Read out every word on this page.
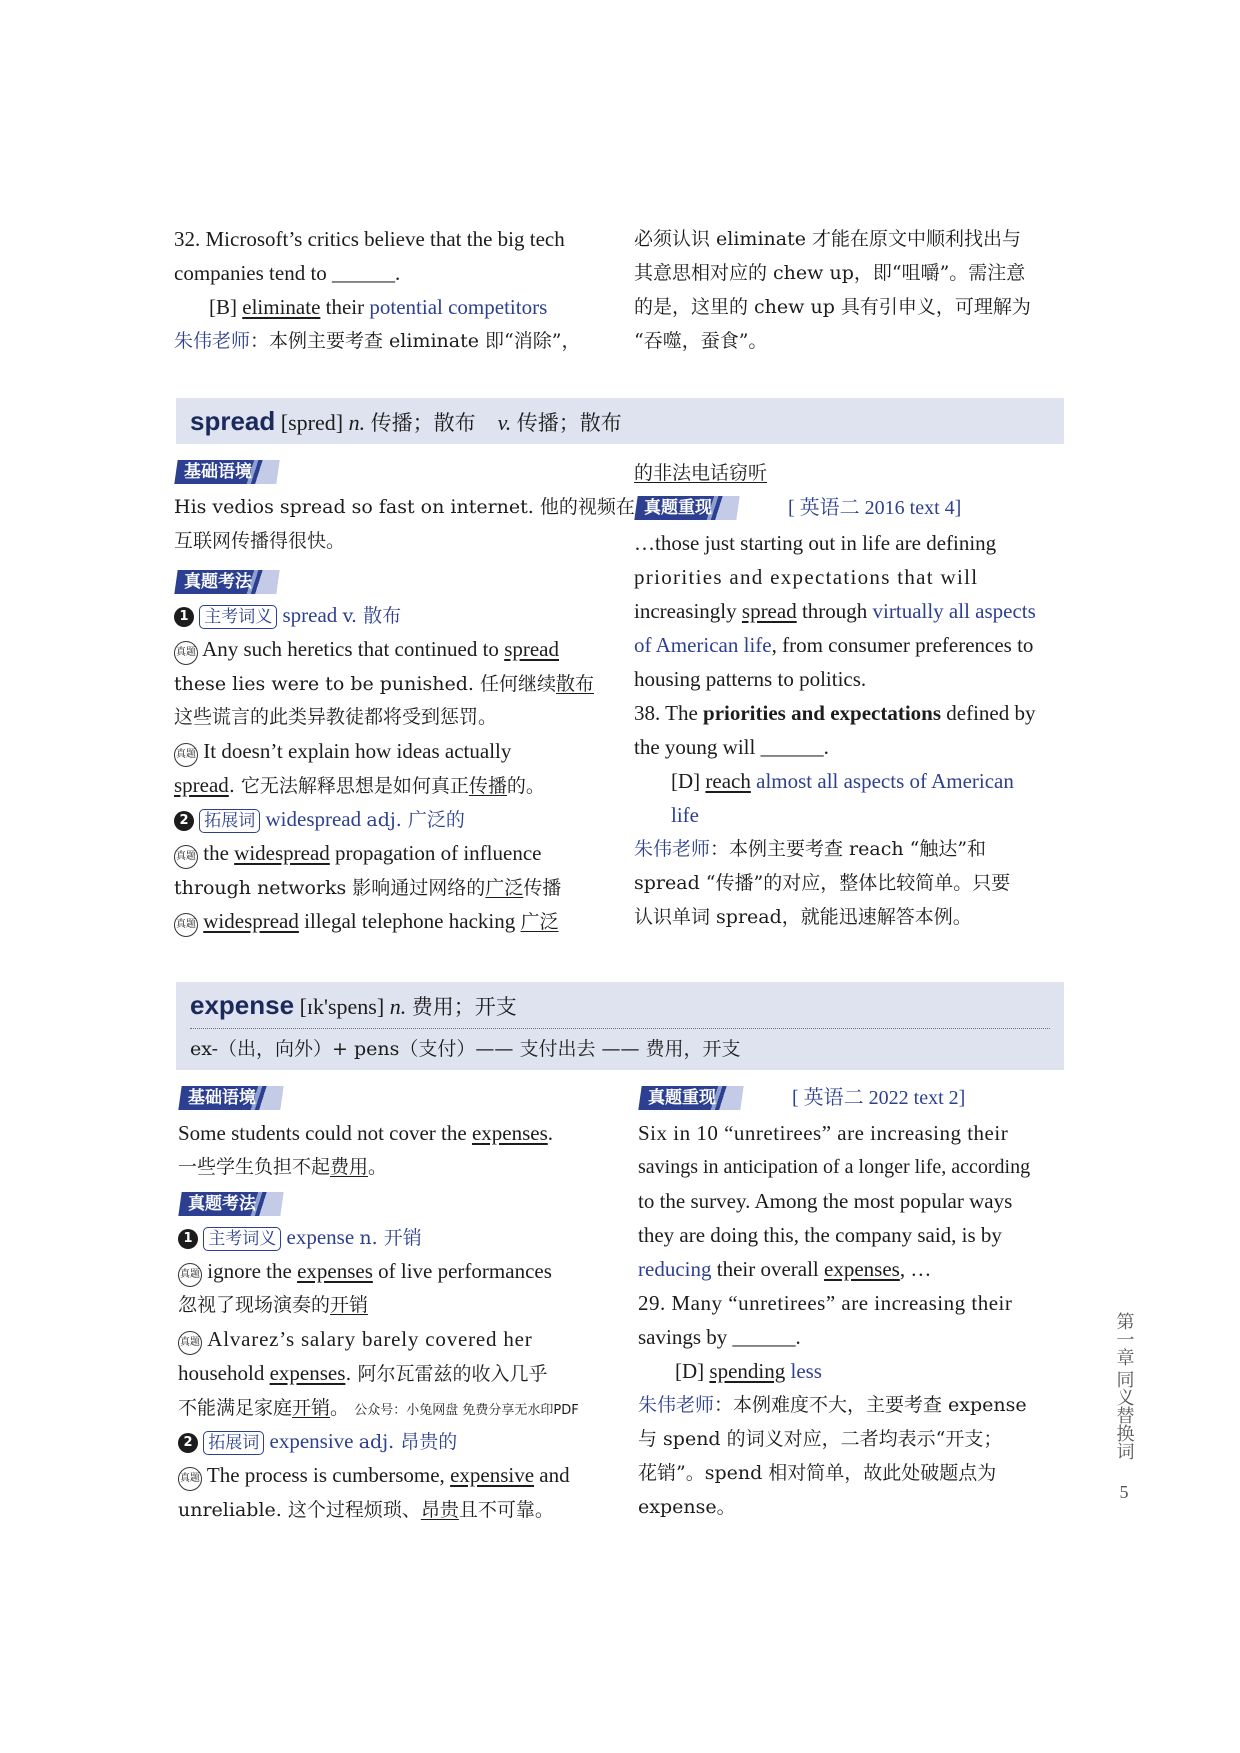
32. Microsoft’s critics believe that the big tech
companies tend to ______.
[B] eliminate their potential competitors
朱伟老师：本例主要考查 eliminate 即“消除”，
必须认识 eliminate 才能在原文中顺利找出与
其意思相对应的 chew up，即“咀嚼”。需注意
的是，这里的 chew up 具有引申义，可理解为
“吞噬，蚕食”。
spread [spred] n. 传播；散布 v. 传播；散布
基础语境
His vedios spread so fast on internet. 他的视频在
互联网传播得很快。
真题考法
1 主考词义 spread v. 散布
真题 Any such heretics that continued to spread
these lies were to be punished. 任何继续散布
这些谎言的此类异教徒都将受到惩罚。
真题 It doesn’t explain how ideas actually
spread. 它无法解释思想是如何真正传播的。
2 拓展词 widespread adj. 广泛的
真题 the widespread propagation of influence
through networks 影响通过网络的广泛传播
真题 widespread illegal telephone hacking 广泛
的非法电话窃听
真题重现	[ 英语二 2016 text 4]
…those just starting out in life are defining
priorities and expectations that will
increasingly spread through virtually all aspects
of American life, from consumer preferences to
housing patterns to politics.
38. The priorities and expectations defined by
the young will ______.
[D] reach almost all aspects of American
life
朱伟老师：本例主要考查 reach “触达”和
spread “传播”的对应，整体比较简单。只要
认识单词 spread，就能迅速解答本例。
expense [ɪk'spens] n. 费用；开支
ex-（出，向外）+ pens（支付）—— 支付出去 —— 费用，开支
基础语境
Some students could not cover the expenses.
一些学生负担不起费用。
真题考法
1 主考词义 expense n. 开销
真题 ignore the expenses of live performances
忽视了现场演奏的开销
真题 Alvarez’s salary barely covered her
household expenses. 阿尔瓦雷兹的收入几乎
不能满足家庭开销。 公众号：小兔网盘 免费分享无水印PDF
2 拓展词 expensive adj. 昂贵的
真题 The process is cumbersome, expensive and
unreliable. 这个过程烦琐、昂贵且不可靠。
真题重现	[ 英语二 2022 text 2]
Six in 10 “unretirees” are increasing their
savings in anticipation of a longer life, according
to the survey. Among the most popular ways
they are doing this, the company said, is by
reducing their overall expenses, …
29. Many “unretirees” are increasing their
savings by ______.
[D] spending less
朱伟老师：本例难度不大，主要考查 expense
与 spend 的词义对应，二者均表示“开支；
花销”。spend 相对简单，故此处破题点为
expense。
第一章
同义替换词
5
